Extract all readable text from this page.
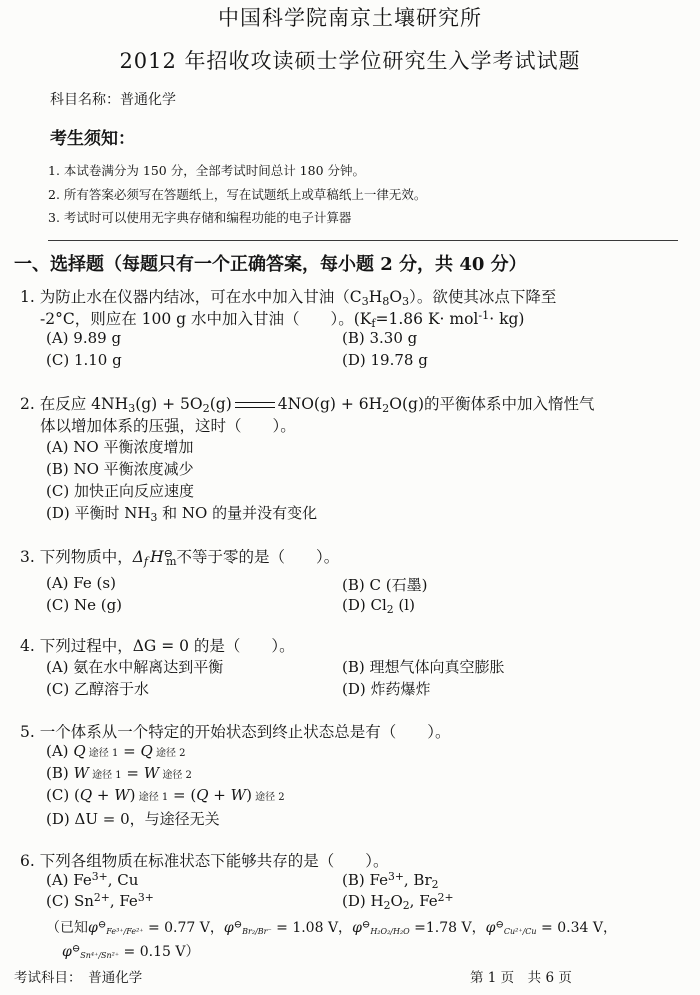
中国科学院南京土壤研究所
2012 年招收攻读硕士学位研究生入学考试试题
科目名称：普通化学
考生须知：
1. 本试卷满分为 150 分，全部考试时间总计 180 分钟。
2. 所有答案必须写在答题纸上，写在试题纸上或草稿纸上一律无效。
3. 考试时可以使用无字典存储和编程功能的电子计算器
一、选择题（每题只有一个正确答案，每小题 2 分，共 40 分）
1. 为防止水在仪器内结冰，可在水中加入甘油$(C_3H_8O_3)$。欲使其冰点下降至
-2°C，则应在 100 g 水中加入甘油（　　）。($K_f=1.86$ K· mol$^{-1}$· kg)
(A) 9.89 g	(B) 3.30 g
(C) 1.10 g	(D) 19.78 g
2. 在反应 $4NH_3(g) + 5O_2(g)$	$4NO(g) + 6H_2O(g)$的平衡体系中加入惰性气
体以增加体系的压强，这时（　　）。
(A) NO 平衡浓度增加
(B) NO 平衡浓度减少
(C) 加快正向反应速度
(D) 平衡时 $NH_3$ 和 NO 的量并没有变化
3. 下列物质中，$\Delta_f$ $H^⊖_m$不等于零的是（　　）。
(A) Fe (s)	(B) C (石墨)
(C) Ne (g)	(D) $Cl_2$ (l)
4. 下列过程中，ΔG = 0 的是（　　）。
(A) 氨在水中解离达到平衡	(B) 理想气体向真空膨胀
(C) 乙醇溶于水	(D) 炸药爆炸
5. 一个体系从一个特定的开始状态到终止状态总是有（　　）。
(A) Q 途径 1 = Q 途径 2
(B) W 途径 1 = W 途径 2
(C) (Q + W) 途径 1 = (Q + W) 途径 2
(D) ΔU = 0，与途径无关
6. 下列各组物质在标准状态下能够共存的是（　　）。
(A) $Fe^{3+}$, Cu	(B) $Fe^{3+}$, $Br_2$
(C) $Sn^{2+}$, $Fe^{3+}$	(D) $H_2O_2$, $Fe^{2+}$
（已知$\varphi^⊖_{Fe^{3+}/Fe^{2+}} = 0.77$ V，$\varphi^⊖_{Br_2/Br^-} = 1.08$ V，$\varphi^⊖_{H_2O_2/H_2O} =1.78$ V，$\varphi^⊖_{Cu^{2+}/Cu} = 0.34$ V，
$\varphi^⊖_{Sn^{4+}/Sn^{2+}} = 0.15$ V）
考试科目：　普通化学	第 1 页　共 6 页
